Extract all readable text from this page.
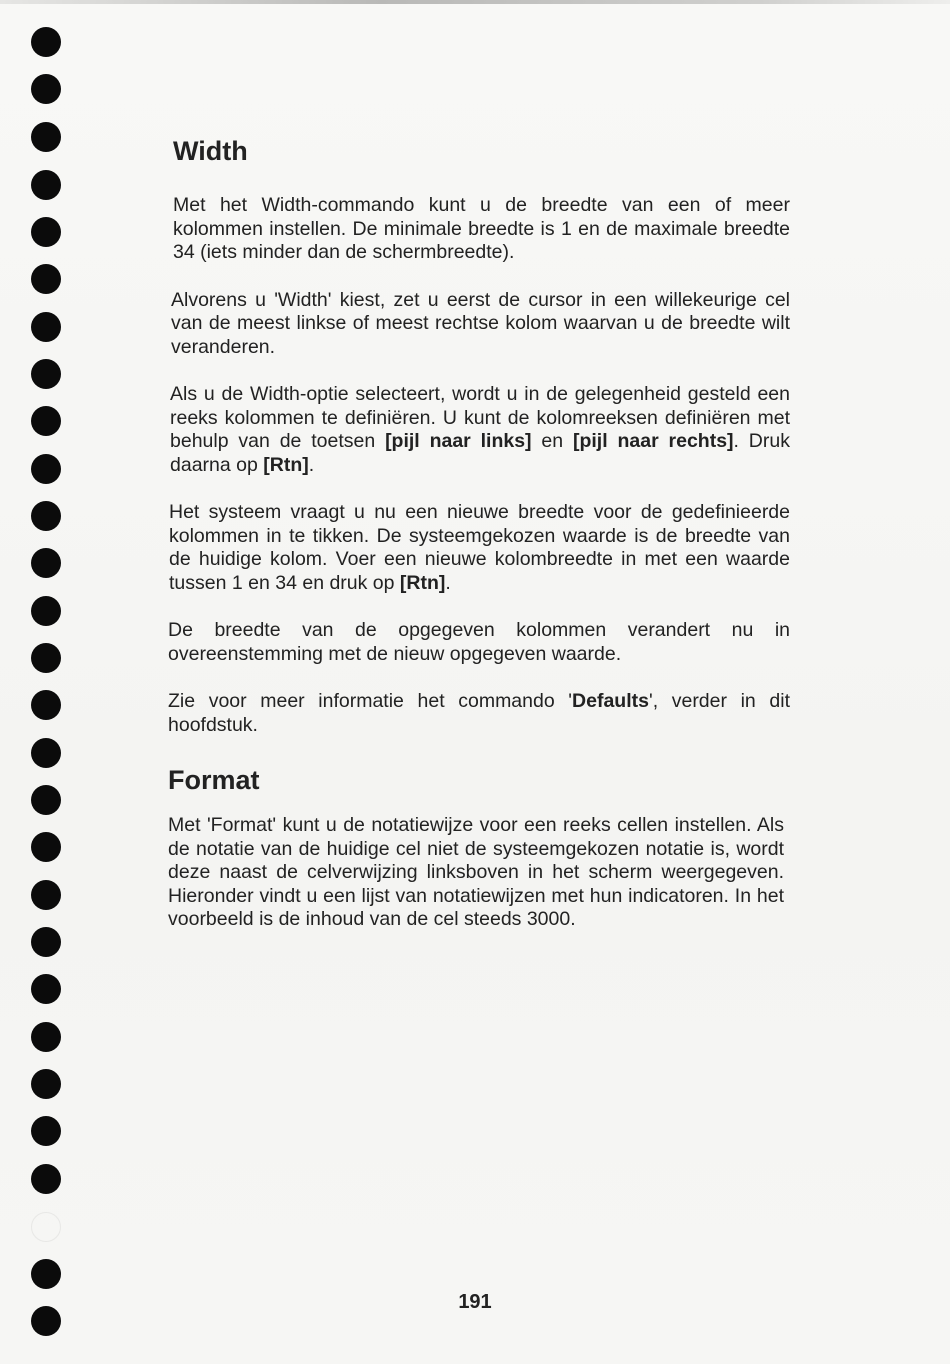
Width

Met het Width-commando kunt u de breedte van een of meer kolommen instellen. De minimale breedte is 1 en de maximale breedte 34 (iets minder dan de schermbreedte).

Alvorens u 'Width' kiest, zet u eerst de cursor in een willekeurige cel van de meest linkse of meest rechtse kolom waarvan u de breedte wilt veranderen.

Als u de Width-optie selecteert, wordt u in de gelegenheid gesteld een reeks kolommen te definiëren. U kunt de kolomreeksen definiëren met behulp van de toetsen [pijl naar links] en [pijl naar rechts]. Druk daarna op [Rtn].

Het systeem vraagt u nu een nieuwe breedte voor de gedefinieerde kolommen in te tikken. De systeemgekozen waarde is de breedte van de huidige kolom. Voer een nieuwe kolombreedte in met een waarde tussen 1 en 34 en druk op [Rtn].

De breedte van de opgegeven kolommen verandert nu in overeenstemming met de nieuw opgegeven waarde.

Zie voor meer informatie het commando 'Defaults', verder in dit hoofdstuk.

Format

Met 'Format' kunt u de notatiewijze voor een reeks cellen instellen. Als de notatie van de huidige cel niet de systeemgekozen notatie is, wordt deze naast de celverwijzing linksboven in het scherm weergegeven. Hieronder vindt u een lijst van notatiewijzen met hun indicatoren. In het voorbeeld is de inhoud van de cel steeds 3000.

191
